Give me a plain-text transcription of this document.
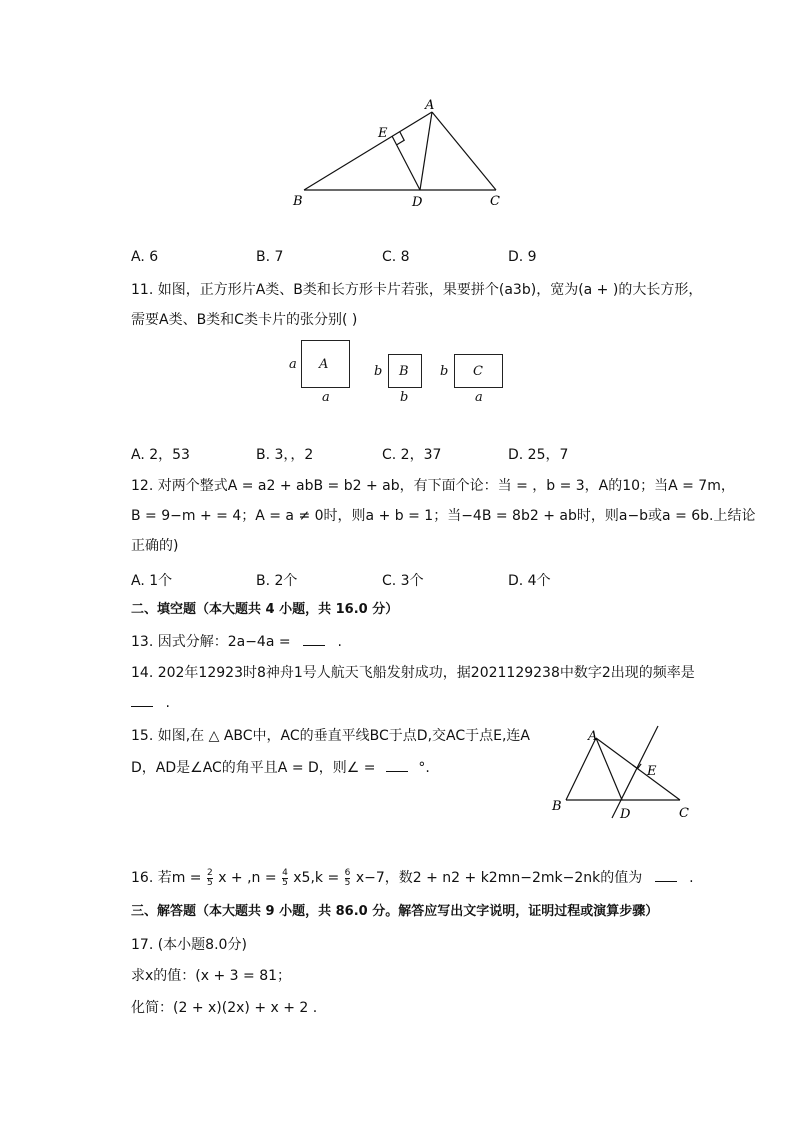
A
E
B	D	C
A. 6	B. 7	C. 8	D. 9
11. 如图，正方形片A类、B类和长方形卡片若张，果要拼个(a3b)，宽为(a + )的大长方形，
需要A类、B类和C类卡片的张分别( )
A
a
a
B
b
b
C
b
a
A. 2，53	B. 3，，2	C. 2，37	D. 25，7
12. 对两个整式A = a2 + abB = b2 + ab，有下面个论：当 = ，b = 3，A的10；当A = 7m，
B = 9−m + = 4；A = a ≠ 0时，则a + b = 1；当−4B = 8b2 + ab时，则a−b或a = 6b.上结论
正确的)
A. 1个	B. 2个	C. 3个	D. 4个
二、填空题（本大题共 4 小题，共 16.0 分）
13. 因式分解：2a−4a =	.
14. 202年12923时8神舟1号人航天飞船发射成功，据2021129238中数字2出现的频率是
.
15. 如图,在 △ ABC中，AC的垂直平线BC于点D,交AC于点E,连A
D，AD是∠AC的角平且A = D，则∠ =	°.
A
E
B
D	C
16. 若$m = \frac{2}{5}$ $x + ,n = \frac{4}{5} x5,k = \frac{6}{5} x-7$，数2 + n2 + k2mn−2mk−2nk的值为	.
三、解答题（本大题共 9 小题，共 86.0 分。解答应写出文字说明，证明过程或演算步骤）
17. (本小题8.0分)
求x的值：(x + 3 = 81；
化简：(2 + x)(2x) + x + 2 .
